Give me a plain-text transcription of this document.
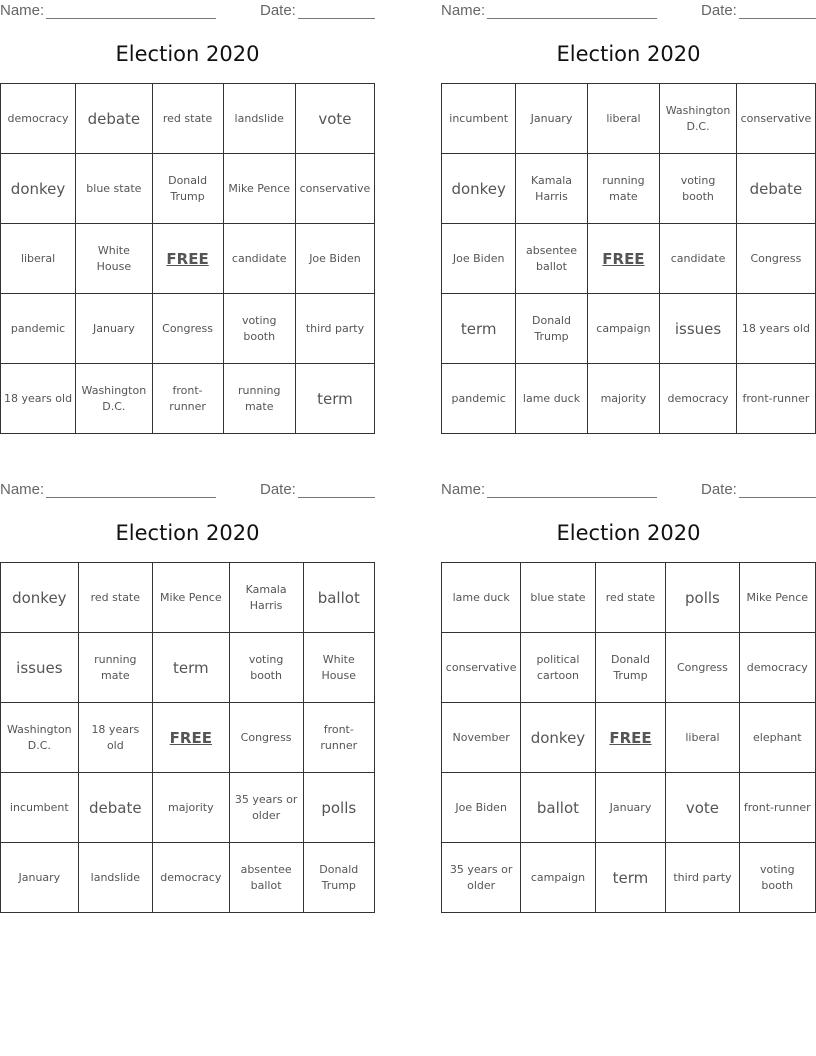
Name:	Date:
Election 2020
democracy	debate	red state	landslide	vote
donkey	blue state	Donald Trump	Mike Pence	conservative
liberal	White House	FREE	candidate	Joe Biden
pandemic	January	Congress	voting booth	third party
18 years old	Washington D.C.	front-runner	running mate	term
Name:	Date:
Election 2020
incumbent	January	liberal	Washington D.C.	conservative
donkey	Kamala Harris	running mate	voting booth	debate
Joe Biden	absentee ballot	FREE	candidate	Congress
term	Donald Trump	campaign	issues	18 years old
pandemic	lame duck	majority	democracy	front-runner
Name:	Date:
Election 2020
donkey	red state	Mike Pence	Kamala Harris	ballot
issues	running mate	term	voting booth	White House
Washington D.C.	18 years old	FREE	Congress	front-runner
incumbent	debate	majority	35 years or older	polls
January	landslide	democracy	absentee ballot	Donald Trump
Name:	Date:
Election 2020
lame duck	blue state	red state	polls	Mike Pence
conservative	political cartoon	Donald Trump	Congress	democracy
November	donkey	FREE	liberal	elephant
Joe Biden	ballot	January	vote	front-runner
35 years or older	campaign	term	third party	voting booth
